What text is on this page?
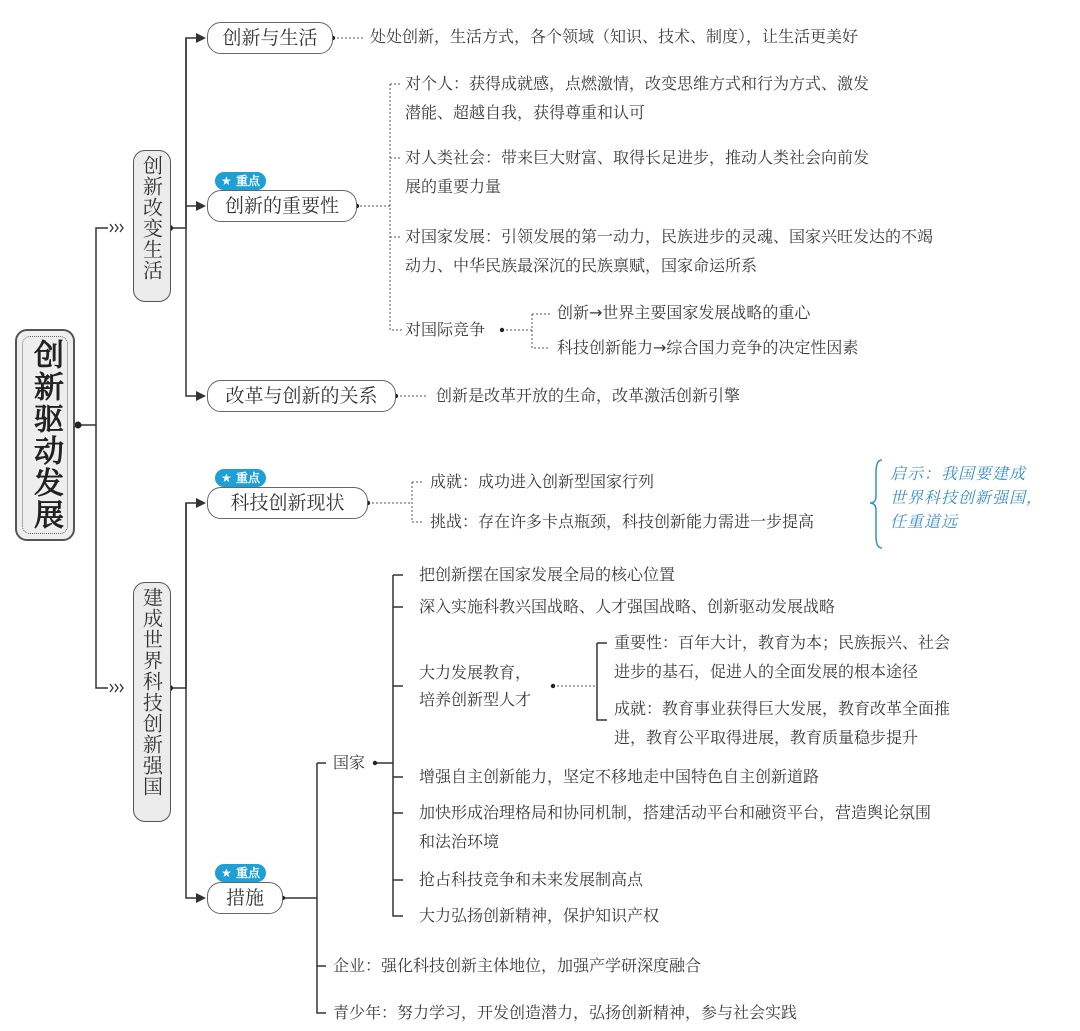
创新驱动发展
创新改变生活
创新与生活	处处创新，生活方式，各个领域（知识、技术、制度），让生活更美好
★ 重点
创新的重要性
对个人：获得成就感，点燃激情，改变思维方式和行为方式、激发
潜能、超越自我，获得尊重和认可
对人类社会：带来巨大财富、取得长足进步，推动人类社会向前发
展的重要力量
对国家发展：引领发展的第一动力，民族进步的灵魂、国家兴旺发达的不竭
动力、中华民族最深沉的民族禀赋，国家命运所系
对国际竞争
创新→世界主要国家发展战略的重心
科技创新能力→综合国力竞争的决定性因素
改革与创新的关系	创新是改革开放的生命，改革激活创新引擎
建成世界科技创新强国
★ 重点
科技创新现状
成就：成功进入创新型国家行列
挑战：存在许多卡点瓶颈，科技创新能力需进一步提高
启示：我国要建成
世界科技创新强国，
任重道远
★ 重点
措施
国家
把创新摆在国家发展全局的核心位置
深入实施科教兴国战略、人才强国战略、创新驱动发展战略
大力发展教育，
培养创新型人才
重要性：百年大计，教育为本；民族振兴、社会
进步的基石，促进人的全面发展的根本途径
成就：教育事业获得巨大发展，教育改革全面推
进，教育公平取得进展，教育质量稳步提升
增强自主创新能力，坚定不移地走中国特色自主创新道路
加快形成治理格局和协同机制，搭建活动平台和融资平台，营造舆论氛围
和法治环境
抢占科技竞争和未来发展制高点
大力弘扬创新精神，保护知识产权
企业：强化科技创新主体地位，加强产学研深度融合
青少年：努力学习，开发创造潜力，弘扬创新精神，参与社会实践
